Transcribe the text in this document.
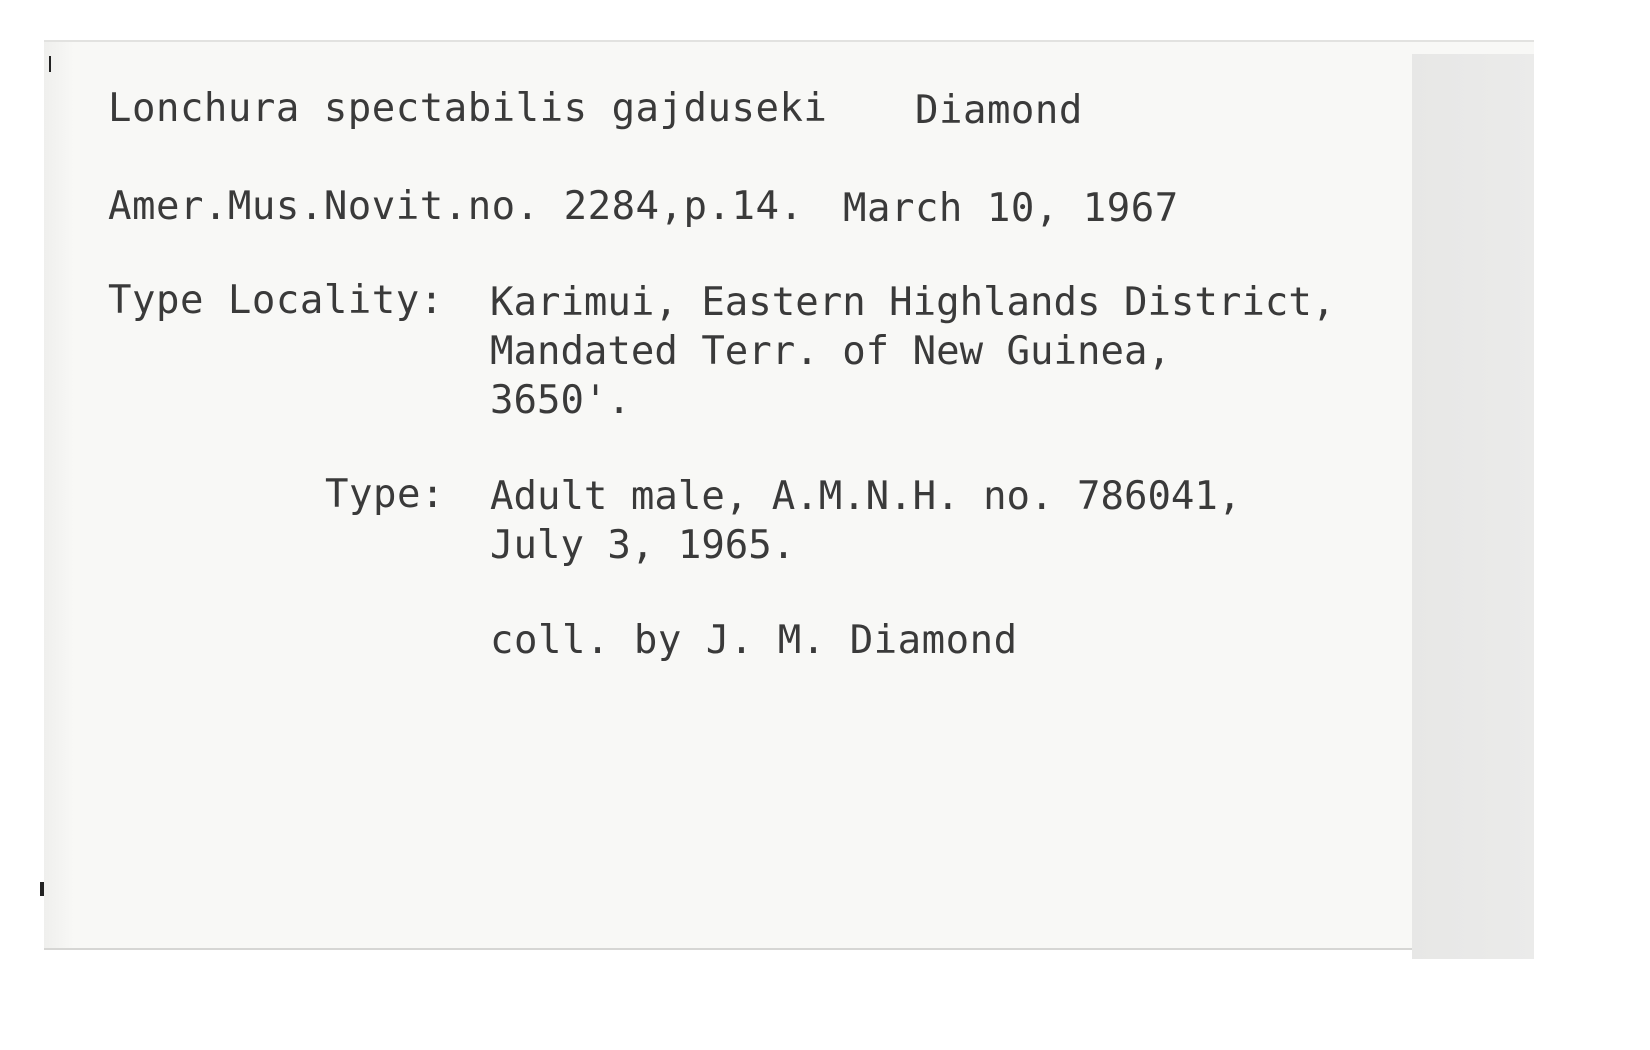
Lonchura spectabilis gajduseki Diamond
Amer.Mus.Novit.no. 2284,p.14. March 10, 1967
Type Locality: Karimui, Eastern Highlands District,
Mandated Terr. of New Guinea,
3650'.
Type: Adult male, A.M.N.H. no. 786041,
July 3, 1965.
coll. by J. M. Diamond
